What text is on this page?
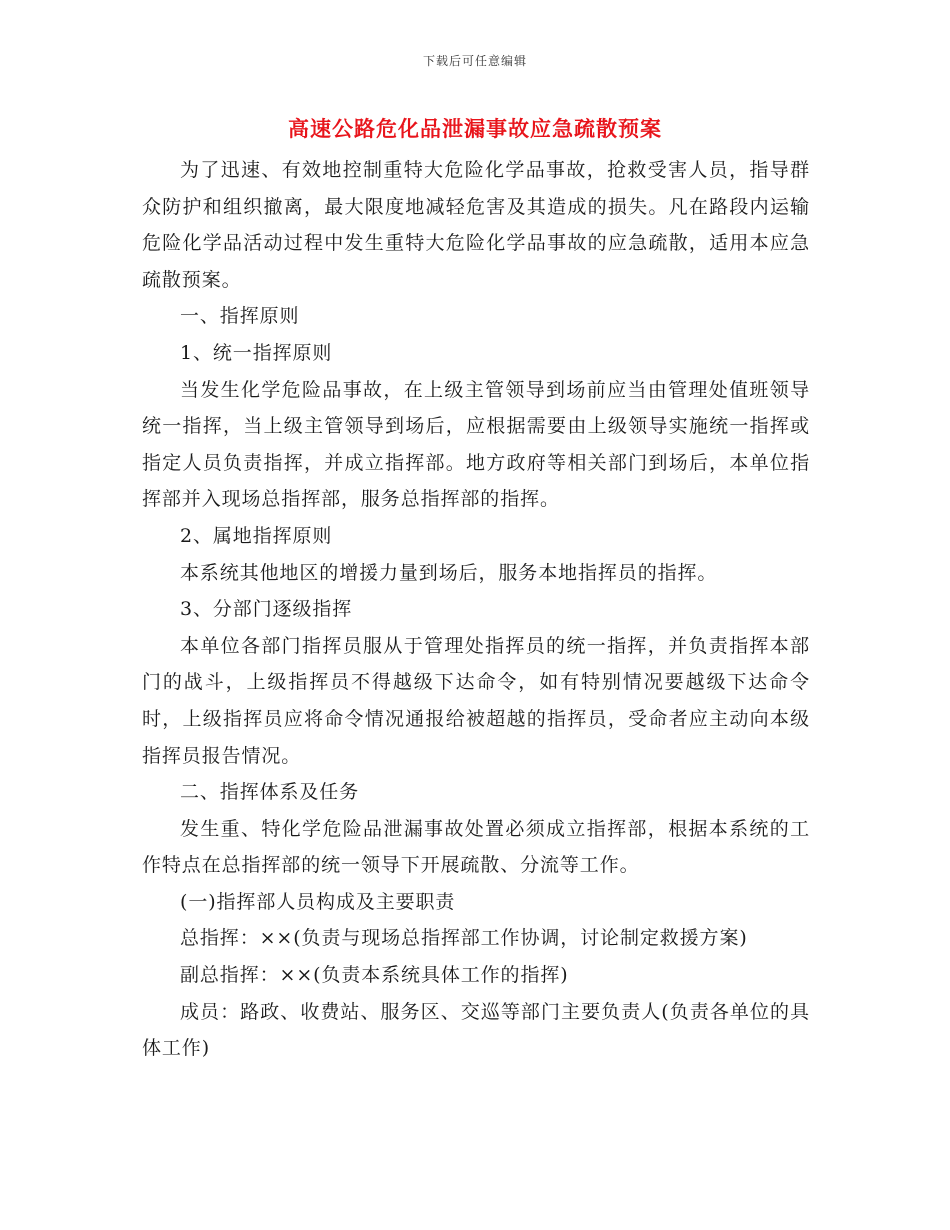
下载后可任意编辑
高速公路危化品泄漏事故应急疏散预案

为了迅速、有效地控制重特大危险化学品事故，抢救受害人员，指导群众防护和组织撤离，最大限度地减轻危害及其造成的损失。凡在路段内运输危险化学品活动过程中发生重特大危险化学品事故的应急疏散，适用本应急疏散预案。

一、指挥原则

1、统一指挥原则

当发生化学危险品事故，在上级主管领导到场前应当由管理处值班领导统一指挥，当上级主管领导到场后，应根据需要由上级领导实施统一指挥或指定人员负责指挥，并成立指挥部。地方政府等相关部门到场后，本单位指挥部并入现场总指挥部，服务总指挥部的指挥。

2、属地指挥原则

本系统其他地区的增援力量到场后，服务本地指挥员的指挥。

3、分部门逐级指挥

本单位各部门指挥员服从于管理处指挥员的统一指挥，并负责指挥本部门的战斗，上级指挥员不得越级下达命令，如有特别情况要越级下达命令时，上级指挥员应将命令情况通报给被超越的指挥员，受命者应主动向本级指挥员报告情况。

二、指挥体系及任务

发生重、特化学危险品泄漏事故处置必须成立指挥部，根据本系统的工作特点在总指挥部的统一领导下开展疏散、分流等工作。

(一)指挥部人员构成及主要职责

总指挥：××(负责与现场总指挥部工作协调，讨论制定救援方案)

副总指挥：××(负责本系统具体工作的指挥)

成员：路政、收费站、服务区、交巡等部门主要负责人(负责各单位的具体工作)
